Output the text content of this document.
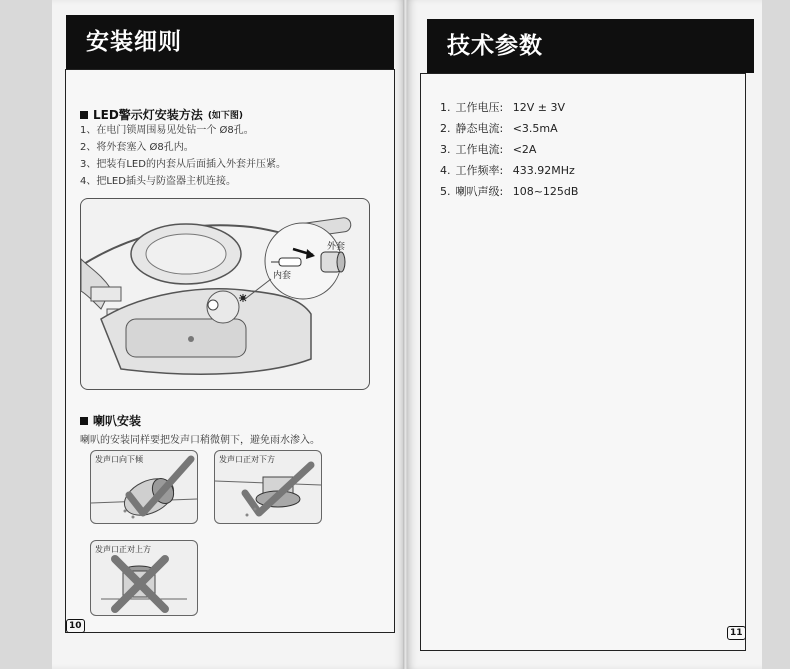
安装细则
LED警示灯安装方法 (如下图)
1、在电门锁周围易见处钻一个 Ø8孔。
2、将外套塞入 Ø8孔内。
3、把装有LED的内套从后面插入外套并压紧。
4、把LED插头与防盗器主机连接。
外套
内套
喇叭安装
喇叭的安装同样要把发声口稍微朝下，避免雨水渗入。
发声口向下倾	发声口正对下方
发声口正对上方
10
技术参数
1. 工作电压: 12V ± 3V
2. 静态电流: <3.5mA
3. 工作电流: <2A
4. 工作频率: 433.92MHz
5. 喇叭声级: 108~125dB
11
